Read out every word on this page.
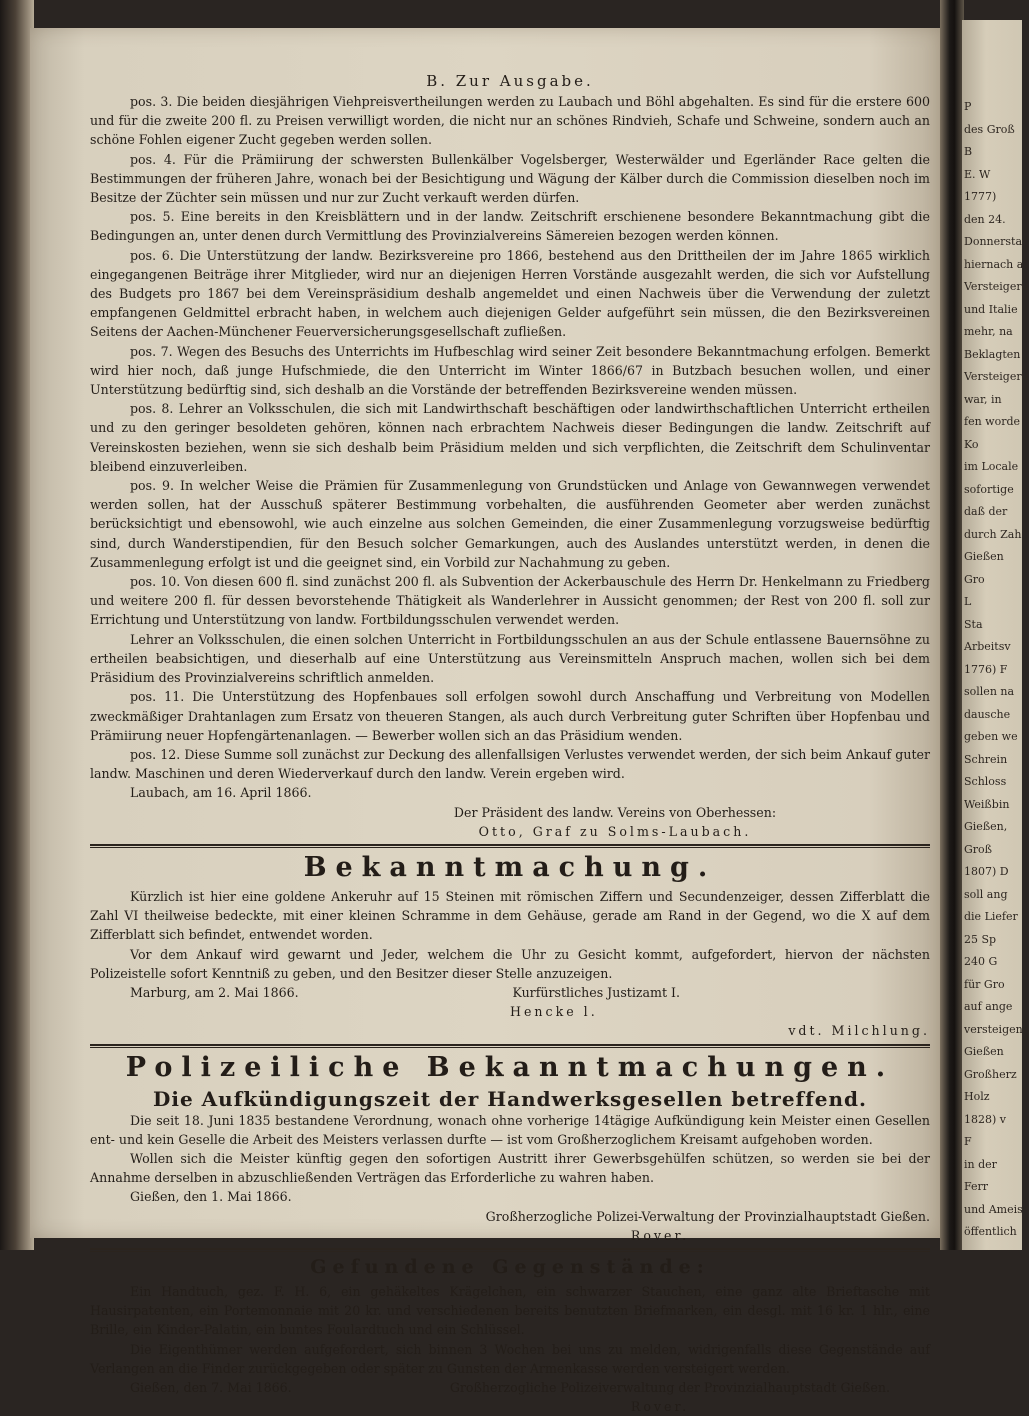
P
des Groß
B
E. W
1777)
den 24.
Donnersta
hiernach a
Versteigeru
und Italie
mehr, na
Beklagten
Versteigeru
war, in
fen worde
Ko
im Locale
sofortige
daß der
durch Zah
Gießen
Gro
L
Sta
Arbeitsv
1776) F
sollen na
dausche
geben we
Schrein
Schloss
Weißbin
Gießen,
Groß
1807) D
soll ang
die Liefer
25 Sp
240 G
für Gro
auf ange
versteigen
Gießen
Großherz
Holz
1828) v
F
in der
Ferr
und Ameis
öffentlich

B. Zur Ausgabe.

pos. 3. Die beiden diesjährigen Viehpreisvertheilungen werden zu Laubach und Böhl abgehalten. Es sind für die erstere 600 und für die zweite 200 fl. zu Preisen verwilligt worden, die nicht nur an schönes Rindvieh, Schafe und Schweine, sondern auch an schöne Fohlen eigener Zucht gegeben werden sollen.

pos. 4. Für die Prämiirung der schwersten Bullenkälber Vogelsberger, Westerwälder und Egerländer Race gelten die Bestimmungen der früheren Jahre, wonach bei der Besichtigung und Wägung der Kälber durch die Commission dieselben noch im Besitze der Züchter sein müssen und nur zur Zucht verkauft werden dürfen.

pos. 5. Eine bereits in den Kreisblättern und in der landw. Zeitschrift erschienene besondere Bekanntmachung gibt die Bedingungen an, unter denen durch Vermittlung des Provinzialvereins Sämereien bezogen werden können.

pos. 6. Die Unterstützung der landw. Bezirksvereine pro 1866, bestehend aus den Drittheilen der im Jahre 1865 wirklich eingegangenen Beiträge ihrer Mitglieder, wird nur an diejenigen Herren Vorstände ausgezahlt werden, die sich vor Aufstellung des Budgets pro 1867 bei dem Vereinspräsidium deshalb angemeldet und einen Nachweis über die Verwendung der zuletzt empfangenen Geldmittel erbracht haben, in welchem auch diejenigen Gelder aufgeführt sein müssen, die den Bezirksvereinen Seitens der Aachen-Münchener Feuerversicherungsgesellschaft zufließen.

pos. 7. Wegen des Besuchs des Unterrichts im Hufbeschlag wird seiner Zeit besondere Bekanntmachung erfolgen. Bemerkt wird hier noch, daß junge Hufschmiede, die den Unterricht im Winter 1866/67 in Butzbach besuchen wollen, und einer Unterstützung bedürftig sind, sich deshalb an die Vorstände der betreffenden Bezirksvereine wenden müssen.

pos. 8. Lehrer an Volksschulen, die sich mit Landwirthschaft beschäftigen oder landwirthschaftlichen Unterricht ertheilen und zu den geringer besoldeten gehören, können nach erbrachtem Nachweis dieser Bedingungen die landw. Zeitschrift auf Vereinskosten beziehen, wenn sie sich deshalb beim Präsidium melden und sich verpflichten, die Zeitschrift dem Schulinventar bleibend einzuverleiben.

pos. 9. In welcher Weise die Prämien für Zusammenlegung von Grundstücken und Anlage von Gewannwegen verwendet werden sollen, hat der Ausschuß späterer Bestimmung vorbehalten, die ausführenden Geometer aber werden zunächst berücksichtigt und ebensowohl, wie auch einzelne aus solchen Gemeinden, die einer Zusammenlegung vorzugsweise bedürftig sind, durch Wanderstipendien, für den Besuch solcher Gemarkungen, auch des Auslandes unterstützt werden, in denen die Zusammenlegung erfolgt ist und die geeignet sind, ein Vorbild zur Nachahmung zu geben.

pos. 10. Von diesen 600 fl. sind zunächst 200 fl. als Subvention der Ackerbauschule des Herrn Dr. Henkelmann zu Friedberg und weitere 200 fl. für dessen bevorstehende Thätigkeit als Wanderlehrer in Aussicht genommen; der Rest von 200 fl. soll zur Errichtung und Unterstützung von landw. Fortbildungsschulen verwendet werden.

Lehrer an Volksschulen, die einen solchen Unterricht in Fortbildungsschulen an aus der Schule entlassene Bauernsöhne zu ertheilen beabsichtigen, und dieserhalb auf eine Unterstützung aus Vereinsmitteln Anspruch machen, wollen sich bei dem Präsidium des Provinzialvereins schriftlich anmelden.

pos. 11. Die Unterstützung des Hopfenbaues soll erfolgen sowohl durch Anschaffung und Verbreitung von Modellen zweckmäßiger Drahtanlagen zum Ersatz von theueren Stangen, als auch durch Verbreitung guter Schriften über Hopfenbau und Prämiirung neuer Hopfengärtenanlagen. — Bewerber wollen sich an das Präsidium wenden.

pos. 12. Diese Summe soll zunächst zur Deckung des allenfallsigen Verlustes verwendet werden, der sich beim Ankauf guter landw. Maschinen und deren Wiederverkauf durch den landw. Verein ergeben wird.

Laubach, am 16. April 1866.

Der Präsident des landw. Vereins von Oberhessen:

Otto, Graf zu Solms-Laubach.

Bekanntmachung.

Kürzlich ist hier eine goldene Ankeruhr auf 15 Steinen mit römischen Ziffern und Secundenzeiger, dessen Zifferblatt die Zahl VI theilweise bedeckte, mit einer kleinen Schramme in dem Gehäuse, gerade am Rand in der Gegend, wo die X auf dem Zifferblatt sich befindet, entwendet worden.

Vor dem Ankauf wird gewarnt und Jeder, welchem die Uhr zu Gesicht kommt, aufgefordert, hiervon der nächsten Polizeistelle sofort Kenntniß zu geben, und den Besitzer dieser Stelle anzuzeigen.

Marburg, am 2. Mai 1866.	Kurfürstliches Justizamt I.

Hencke l.

vdt. Milchlung.

Polizeiliche Bekanntmachungen.

Die Aufkündigungszeit der Handwerksgesellen betreffend.

Die seit 18. Juni 1835 bestandene Verordnung, wonach ohne vorherige 14tägige Aufkündigung kein Meister einen Gesellen ent- und kein Geselle die Arbeit des Meisters verlassen durfte — ist vom Großherzoglichem Kreisamt aufgehoben worden.

Wollen sich die Meister künftig gegen den sofortigen Austritt ihrer Gewerbsgehülfen schützen, so werden sie bei der Annahme derselben in abzuschließenden Verträgen das Erforderliche zu wahren haben.

Gießen, den 1. Mai 1866.

Großherzogliche Polizei-Verwaltung der Provinzialhauptstadt Gießen.

Rover.

Gefundene Gegenstände:

Ein Handtuch, gez. F. H. 6, ein gehäkeltes Krägelchen, ein schwarzer Stauchen, eine ganz alte Brieftasche mit Hausirpatenten, ein Portemonnaie mit 20 kr. und verschiedenen bereits benutzten Briefmarken, ein desgl. mit 16 kr. 1 hlr., eine Brille, ein Kinder-Palatin, ein buntes Foulardtuch und ein Schlüssel.

Die Eigenthümer werden aufgefordert, sich binnen 3 Wochen bei uns zu melden, widrigenfalls diese Gegenstände auf Verlangen an die Finder zurückgegeben oder später zu Gunsten der Armenkasse werden versteigert werden.

Gießen, den 7. Mai 1866.	Großherzogliche Polizeiverwaltung der Provinzialhauptstadt Gießen.

Rover.
